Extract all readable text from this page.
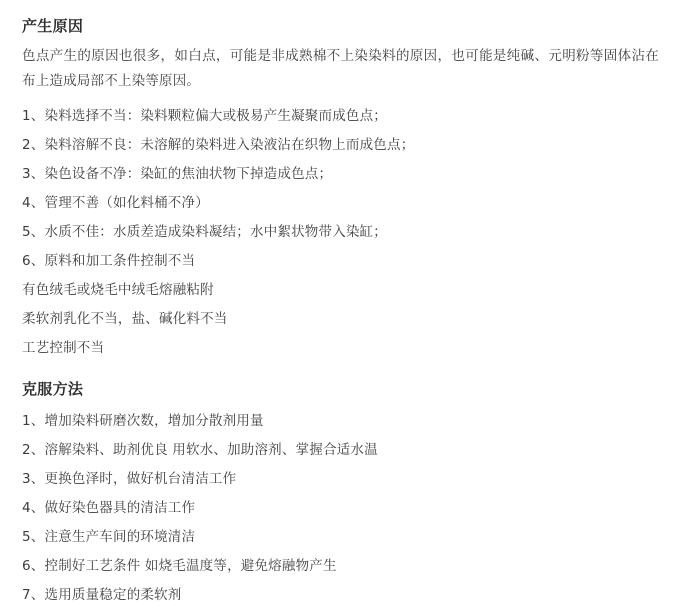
产生原因

色点产生的原因也很多，如白点，可能是非成熟棉不上染染料的原因，也可能是纯碱、元明粉等固体沾在布上造成局部不上染等原因。

1、染料选择不当：染料颗粒偏大或极易产生凝聚而成色点；
2、染料溶解不良：未溶解的染料进入染液沾在织物上而成色点；
3、染色设备不净：染缸的焦油状物下掉造成色点；
4、管理不善（如化料桶不净）
5、水质不佳：水质差造成染料凝结；水中絮状物带入染缸；
6、原料和加工条件控制不当
有色绒毛或烧毛中绒毛熔融粘附
柔软剂乳化不当，盐、碱化料不当
工艺控制不当
克服方法
1、增加染料研磨次数，增加分散剂用量
2、溶解染料、助剂优良 用软水、加助溶剂、掌握合适水温
3、更换色泽时，做好机台清洁工作
4、做好染色器具的清洁工作
5、注意生产车间的环境清洁
6、控制好工艺条件 如烧毛温度等，避免熔融物产生
7、选用质量稳定的柔软剂
